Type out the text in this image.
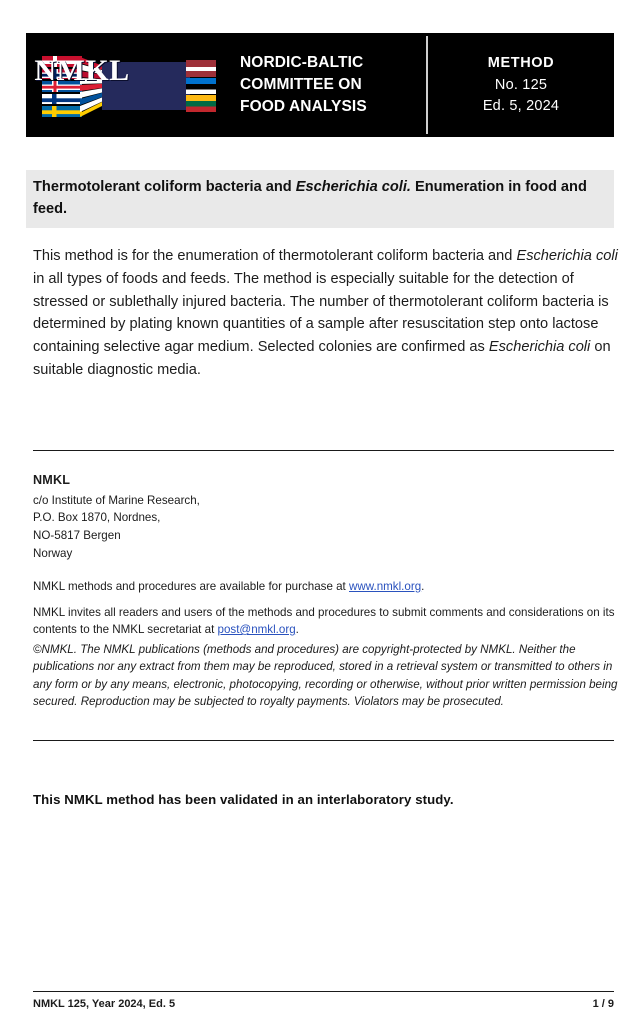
NMKL	NORDIC-BALTIC
COMMITTEE ON
FOOD ANALYSIS
METHOD
No. 125
Ed. 5, 2024
Thermotolerant coliform bacteria and Escherichia coli. Enumeration in food and feed.
This method is for the enumeration of thermotolerant coliform bacteria and Escherichia coli in all types of foods and feeds. The method is especially suitable for the detection of stressed or sublethally injured bacteria. The number of thermotolerant coliform bacteria is determined by plating known quantities of a sample after resuscitation step onto lactose containing selective agar medium. Selected colonies are confirmed as Escherichia coli on suitable diagnostic media.
NMKL
c/o Institute of Marine Research,
P.O. Box 1870, Nordnes,
NO-5817 Bergen
Norway

NMKL methods and procedures are available for purchase at www.nmkl.org.

NMKL invites all readers and users of the methods and procedures to submit comments and considerations on its contents to the NMKL secretariat at post@nmkl.org.

©NMKL. The NMKL publications (methods and procedures) are copyright-protected by NMKL. Neither the publications nor any extract from them may be reproduced, stored in a retrieval system or transmitted to others in any form or by any means, electronic, photocopying, recording or otherwise, without prior written permission being secured. Reproduction may be subjected to royalty payments. Violators may be prosecuted.
This NMKL method has been validated in an interlaboratory study.
NMKL 125, Year 2024, Ed. 5	1 / 9
